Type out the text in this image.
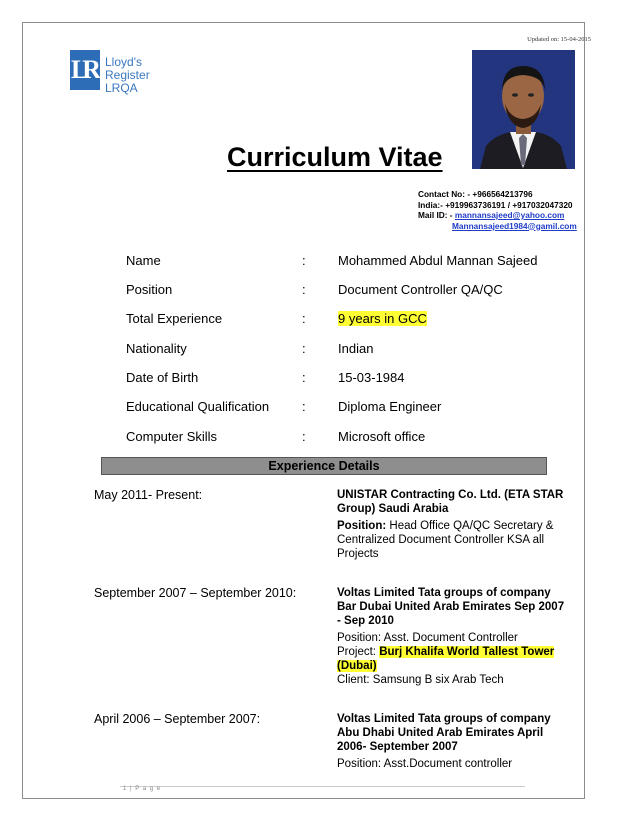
Updated on: 15-04-2015
LR Lloyd's Register
LRQA
Curriculum Vitae
Contact No: - +966564213796
India:- +919963736191 / +917032047320
Mail ID: - mannansajeed@yahoo.com
Mannansajeed1984@gamil.com
Name	: Mohammed Abdul Mannan Sajeed
Position	: Document Controller QA/QC
Total Experience	: 9 years in GCC
Nationality	: Indian
Date of Birth	: 15-03-1984
Educational Qualification	: Diploma Engineer
Computer Skills	: Microsoft office
Experience Details
May 2011- Present:	UNISTAR Contracting Co. Ltd. (ETA STAR Group) Saudi Arabia
Position: Head Office QA/QC Secretary & Centralized Document Controller KSA all Projects
September 2007 – September 2010:	Voltas Limited Tata groups of company Bar Dubai United Arab Emirates Sep 2007 - Sep 2010
Position: Asst. Document Controller
Project: Burj Khalifa World Tallest Tower (Dubai)
Client: Samsung B six Arab Tech
April 2006 – September 2007:	Voltas Limited Tata groups of company Abu Dhabi United Arab Emirates April 2006- September 2007
Position: Asst.Document controller
1 | P a g e
